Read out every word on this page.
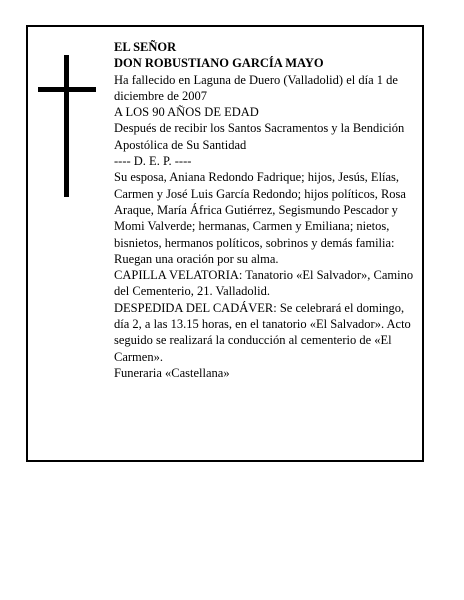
EL SEÑOR

DON ROBUSTIANO GARCÍA MAYO

Ha fallecido en Laguna de Duero (Valladolid) el día 1 de diciembre de 2007

A LOS 90 AÑOS DE EDAD

Después de recibir los Santos Sacramentos y la Bendición Apostólica de Su Santidad

---- D. E. P. ----

Su esposa, Aniana Redondo Fadrique; hijos, Jesús, Elías, Carmen y José Luis García Redondo; hijos políticos, Rosa Araque, María África Gutiérrez, Segismundo Pescador y Momi Valverde; hermanas, Carmen y Emiliana; nietos, bisnietos, hermanos políticos, sobrinos y demás familia:

Ruegan una oración por su alma.

CAPILLA VELATORIA: Tanatorio «El Salvador», Camino del Cementerio, 21. Valladolid.

DESPEDIDA DEL CADÁVER: Se celebrará el domingo, día 2, a las 13.15 horas, en el tanatorio «El Salvador». Acto seguido se realizará la conducción al cementerio de «El Carmen».

Funeraria «Castellana»
